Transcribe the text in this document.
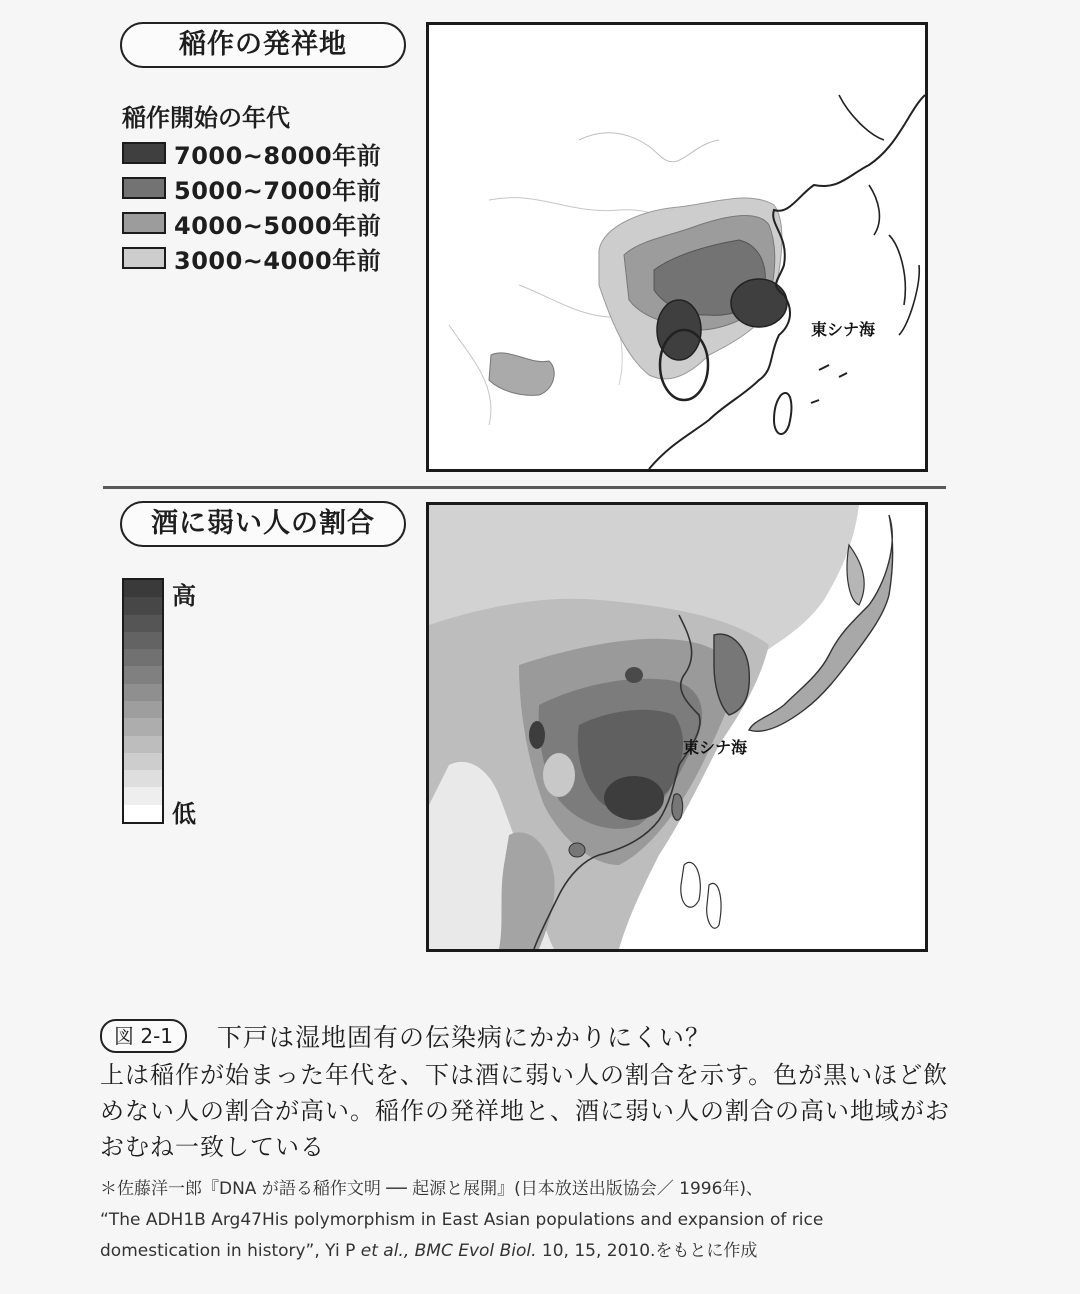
稲作の発祥地
稲作開始の年代
7000~8000年前
5000~7000年前
4000~5000年前
3000~4000年前
東シナ海
酒に弱い人の割合
高
低
東シナ海
図 2-1	下戸は湿地固有の伝染病にかかりにくい？
上は稲作が始まった年代を、下は酒に弱い人の割合を示す。色が黒いほど飲めない人の割合が高い。稲作の発祥地と、酒に弱い人の割合の高い地域がおおむね一致している
＊佐藤洋一郎『DNA が語る稲作文明 ── 起源と展開』(日本放送出版協会／ 1996年)、
“The ADH1B Arg47His polymorphism in East Asian populations and expansion of rice
domestication in history”, Yi P et al., BMC Evol Biol. 10, 15, 2010.をもとに作成
